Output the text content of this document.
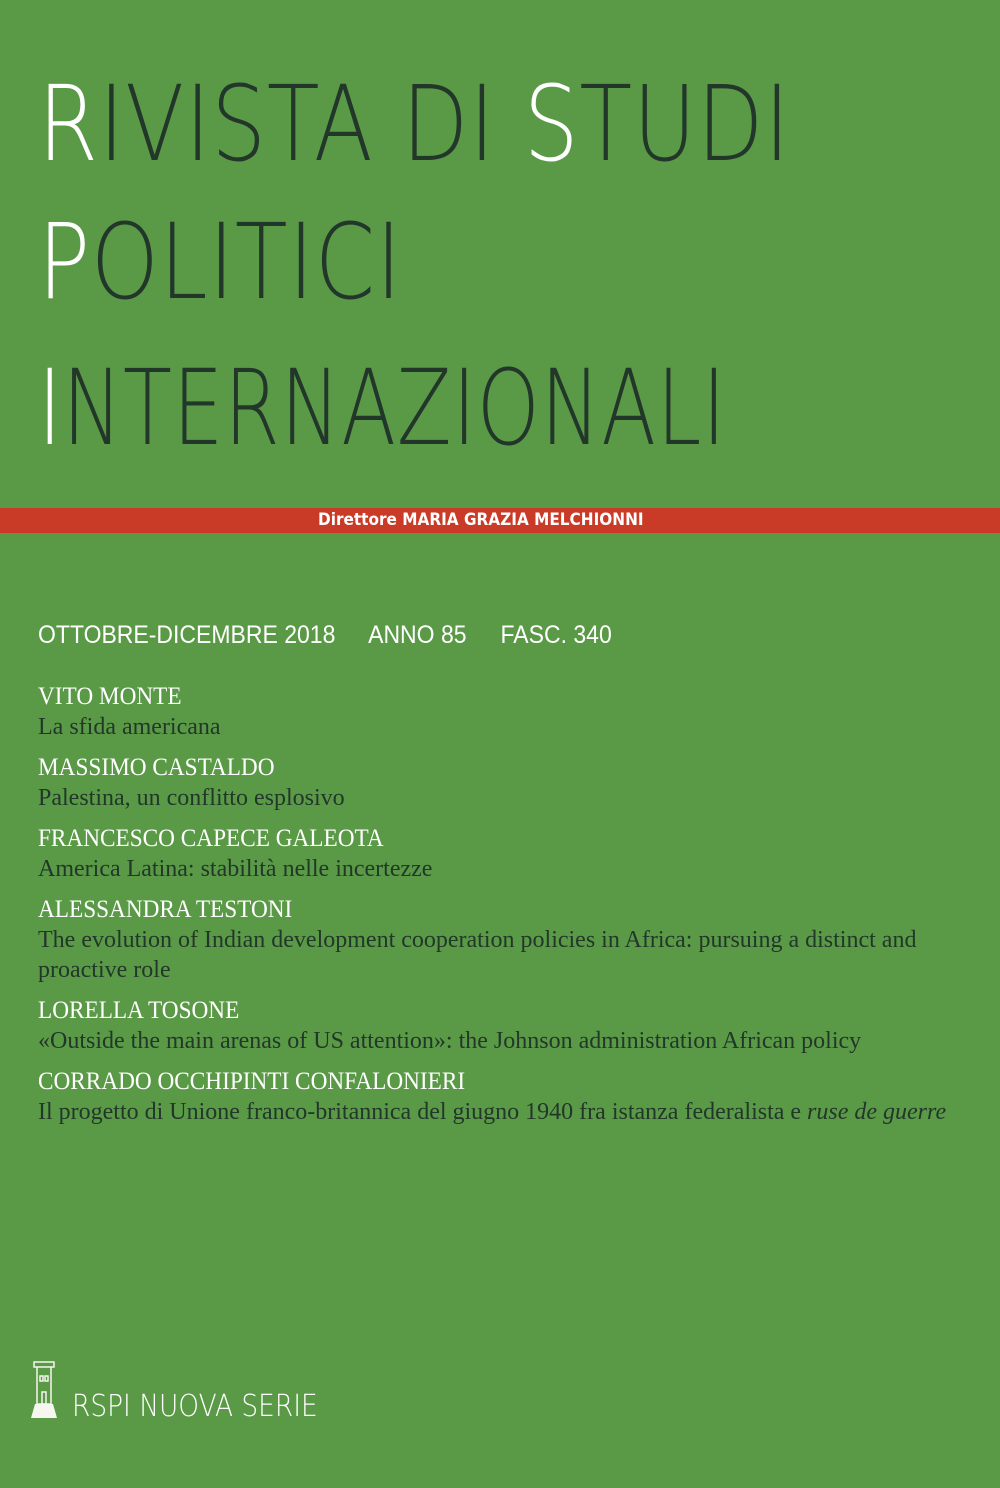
RIVISTA DI STUDI
POLITICI
INTERNAZIONALI
Direttore MARIA GRAZIA MELCHIONNI
OTTOBRE-DICEMBRE 2018 ANNO 85 FASC. 340
VITO MONTE
La sfida americana
MASSIMO CASTALDO
Palestina, un conflitto esplosivo
FRANCESCO CAPECE GALEOTA
America Latina: stabilità nelle incertezze
ALESSANDRA TESTONI
The evolution of Indian development cooperation policies in Africa: pursuing a distinct and proactive role
LORELLA TOSONE
«Outside the main arenas of US attention»: the Johnson administration African policy
CORRADO OCCHIPINTI CONFALONIERI
Il progetto di Unione franco-britannica del giugno 1940 fra istanza federalista e ruse de guerre
RSPI NUOVA SERIE
